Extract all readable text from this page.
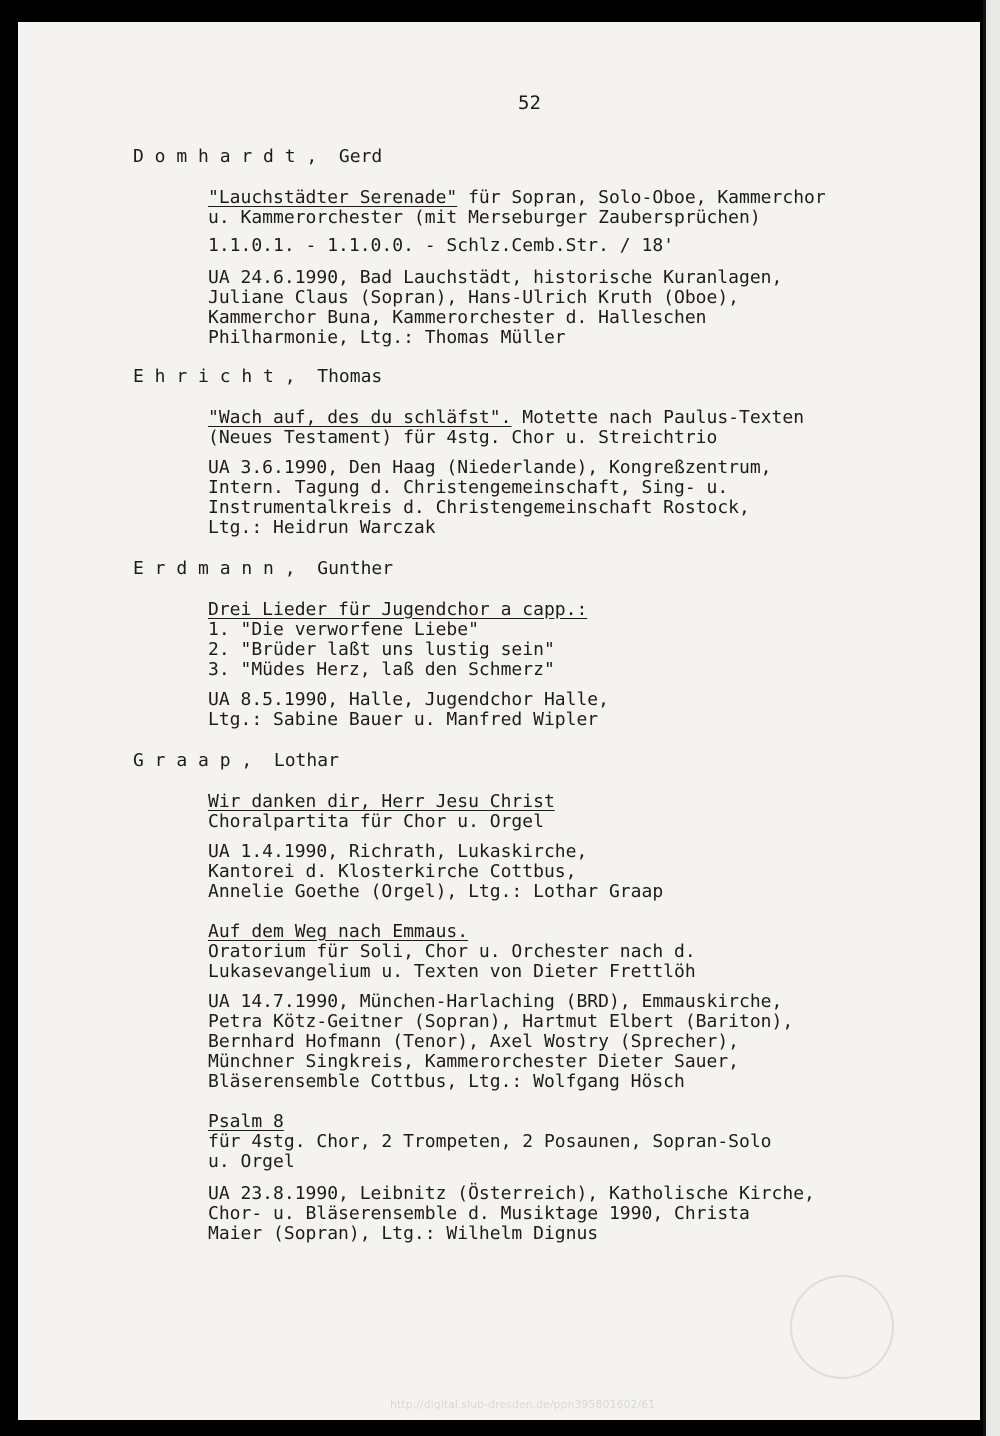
52
D o m h a r d t ,  Gerd
"Lauchstädter Serenade" für Sopran, Solo-Oboe, Kammerchor
u. Kammerorchester (mit Merseburger Zaubersprüchen)
1.1.0.1. - 1.1.0.0. - Schlz.Cemb.Str. / 18'
UA 24.6.1990, Bad Lauchstädt, historische Kuranlagen,
Juliane Claus (Sopran), Hans-Ulrich Kruth (Oboe),
Kammerchor Buna, Kammerorchester d. Halleschen
Philharmonie, Ltg.: Thomas Müller
E h r i c h t ,  Thomas
"Wach auf, des du schläfst". Motette nach Paulus-Texten
(Neues Testament) für 4stg. Chor u. Streichtrio
UA 3.6.1990, Den Haag (Niederlande), Kongreßzentrum,
Intern. Tagung d. Christengemeinschaft, Sing- u.
Instrumentalkreis d. Christengemeinschaft Rostock,
Ltg.: Heidrun Warczak
E r d m a n n ,  Gunther
Drei Lieder für Jugendchor a capp.:
1. "Die verworfene Liebe"
2. "Brüder laßt uns lustig sein"
3. "Müdes Herz, laß den Schmerz"
UA 8.5.1990, Halle, Jugendchor Halle,
Ltg.: Sabine Bauer u. Manfred Wipler
G r a a p ,  Lothar
Wir danken dir, Herr Jesu Christ
Choralpartita für Chor u. Orgel
UA 1.4.1990, Richrath, Lukaskirche,
Kantorei d. Klosterkirche Cottbus,
Annelie Goethe (Orgel), Ltg.: Lothar Graap
Auf dem Weg nach Emmaus.
Oratorium für Soli, Chor u. Orchester nach d.
Lukasevangelium u. Texten von Dieter Frettlöh
UA 14.7.1990, München-Harlaching (BRD), Emmauskirche,
Petra Kötz-Geitner (Sopran), Hartmut Elbert (Bariton),
Bernhard Hofmann (Tenor), Axel Wostry (Sprecher),
Münchner Singkreis, Kammerorchester Dieter Sauer,
Bläserensemble Cottbus, Ltg.: Wolfgang Hösch
Psalm 8
für 4stg. Chor, 2 Trompeten, 2 Posaunen, Sopran-Solo
u. Orgel
UA 23.8.1990, Leibnitz (Österreich), Katholische Kirche,
Chor- u. Bläserensemble d. Musiktage 1990, Christa
Maier (Sopran), Ltg.: Wilhelm Dignus
http://digital.slub-dresden.de/ppn395801602/61
